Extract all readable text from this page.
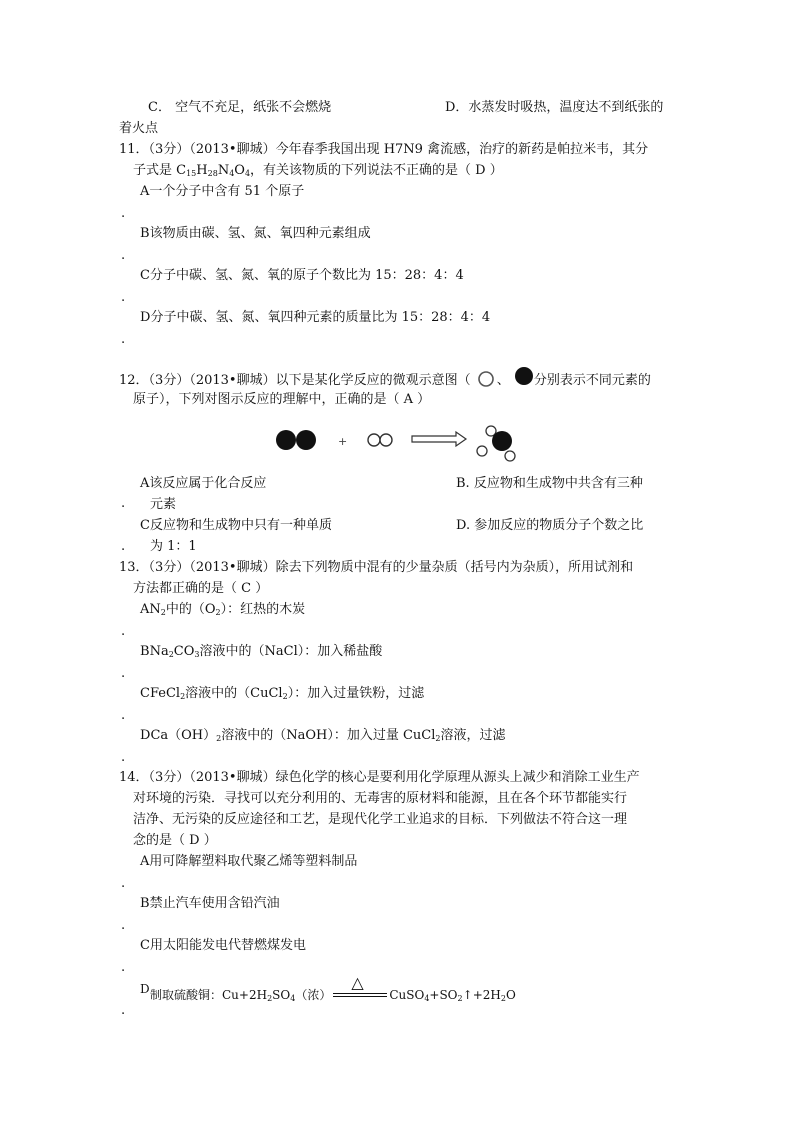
C． 空气不充足，纸张不会燃烧	D．水蒸发时吸热，温度达不到纸张的
着火点
11．（3分）（2013•聊城）今年春季我国出现 H7N9 禽流感，治疗的新药是帕拉米韦，其分
子式是 $C_{15}H_{28}N_4O_4$，有关该物质的下列说法不正确的是（ D ）
A一个分子中含有 51 个原子
.
B该物质由碳、氢、氮、氧四种元素组成
.
C分子中碳、氢、氮、氧的原子个数比为 15：28：4：4
.
D分子中碳、氢、氮、氧四种元素的质量比为 15：28：4：4
.
12．（3分）（2013•聊城）以下是某化学反应的微观示意图（ 、 分别表示不同元素的
原子），下列对图示反应的理解中，正确的是（ A ）
+
A该反应属于化合反应
.
B. 反应物和生成物中共含有三种
元素
C反应物和生成物中只有一种单质
.
D. 参加反应的物质分子个数之比
为 1：1
13．（3分）（2013•聊城）除去下列物质中混有的少量杂质（括号内为杂质），所用试剂和
方法都正确的是（ C ）
$AN_2$中的$(O_2)$：红热的木炭
.
$BNa_2CO_3$溶液中的（NaCl）：加入稀盐酸
.
CFeCl$_2$溶液中的（CuCl$_2$）：加入过量铁粉，过滤
.
$DCa(OH)_2$溶液中的（NaOH）：加入过量 CuCl$_2$溶液，过滤
.
14．（3分）（2013•聊城）绿色化学的核心是要利用化学原理从源头上减少和消除工业生产
对环境的污染．寻找可以充分利用的、无毒害的原材料和能源，且在各个环节都能实行
洁净、无污染的反应途径和工艺，是现代化学工业追求的目标．下列做法不符合这一理
念的是（ D ）
A用可降解塑料取代聚乙烯等塑料制品
.
B禁止汽车使用含铅汽油
.
C用太阳能发电代替燃煤发电
.
D 制取硫酸铜：$Cu+2H_2SO_4$（浓）
△
$CuSO_4+SO_2↑+2H_2O$
.
